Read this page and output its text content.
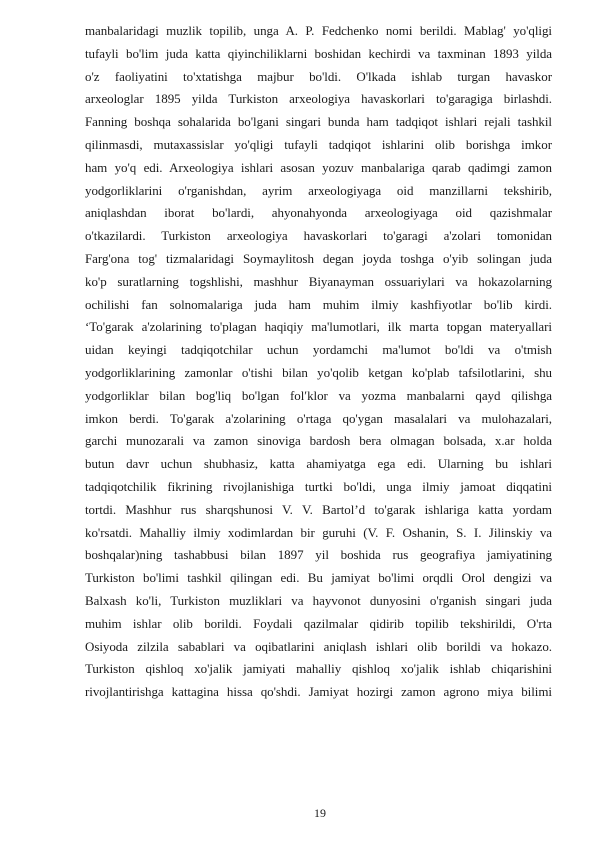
manbalaridagi muzlik topilib, unga A. P. Fedchenko nomi berildi. Mablag' yo'qligi
tufayli bo'lim juda katta qiyinchiliklarni boshidan kechirdi va taxminan 1893 yilda
o'z faoliyatini to'xtatishga majbur bo'ldi. O'lkada ishlab turgan havaskor
arxeologlar 1895 yilda Turkiston arxeologiya havaskorlari to'garagiga birlashdi.
Fanning boshqa sohalarida bo'lgani singari bunda ham tadqiqot ishlari rejali tashkil
qilinmasdi, mutaxassislar yo'qligi tufayli tadqiqot ishlarini olib borishga imkor
ham yo'q edi. Arxeologiya ishlari asosan yozuv manbalariga qarab qadimgi zamon
yodgorliklarini o'rganishdan, ayrim arxeologiyaga oid manzillarni tekshirib,
aniqlashdan iborat bo'lardi, ahyonahyonda arxeologiyaga oid qazishmalar
o'tkazilardi. Turkiston arxeologiya havaskorlari to'garagi a'zolari tomonidan
Farg'ona tog' tizmalaridagi Soymaylitosh degan joyda toshga o'yib solingan juda
ko'p suratlarning togshlishi, mashhur Biyanayman ossuariylari va hokazolarning
ochilishi fan solnomalariga juda ham muhim ilmiy kashfiyotlar bo'lib kirdi.
ʻTo'garak a'zolarining to'plagan haqiqiy ma'lumotlari, ilk marta topgan materyallari
uidan keyingi tadqiqotchilar uchun yordamchi ma'lumot bo'ldi va o'tmish
yodgorliklarining zamonlar o'tishi bilan yo'qolib ketgan ko'plab tafsilotlarini, shu
yodgorliklar bilan bog'liq bo'lgan folʹklor va yozma manbalarni qayd qilishga
imkon berdi. To'garak a'zolarining o'rtaga qo'ygan masalalari va mulohazalari,
garchi munozarali va zamon sinoviga bardosh bera olmagan bolsada, x.ar holda
butun davr uchun shubhasiz, katta ahamiyatga ega edi. Ularning bu ishlari
tadqiqotchilik fikrining rivojlanishiga turtki bo'ldi, unga ilmiy jamoat diqqatini
tortdi. Mashhur rus sharqshunosi V. V. Bartol’d to'garak ishlariga katta yordam
ko'rsatdi. Mahalliy ilmiy xodimlardan bir guruhi (V. F. Oshanin, S. I. Jilinskiy va
boshqalar)ning tashabbusi bilan 1897 yil boshida rus geografiya jamiyatining
Turkiston bo'limi tashkil qilingan edi. Bu jamiyat bo'limi orqdli Orol dengizi va
Balxash ko'li, Turkiston muzliklari va hayvonot dunyosini o'rganish singari juda
muhim ishlar olib borildi. Foydali qazilmalar qidirib topilib tekshirildi, O'rta
Osiyoda zilzila sabablari va oqibatlarini aniqlash ishlari olib borildi va hokazo.
Turkiston qishloq xo'jalik jamiyati mahalliy qishloq xo'jalik ishlab chiqarishini
rivojlantirishga kattagina hissa qo'shdi. Jamiyat hozirgi zamon agrono miya bilimi
19
